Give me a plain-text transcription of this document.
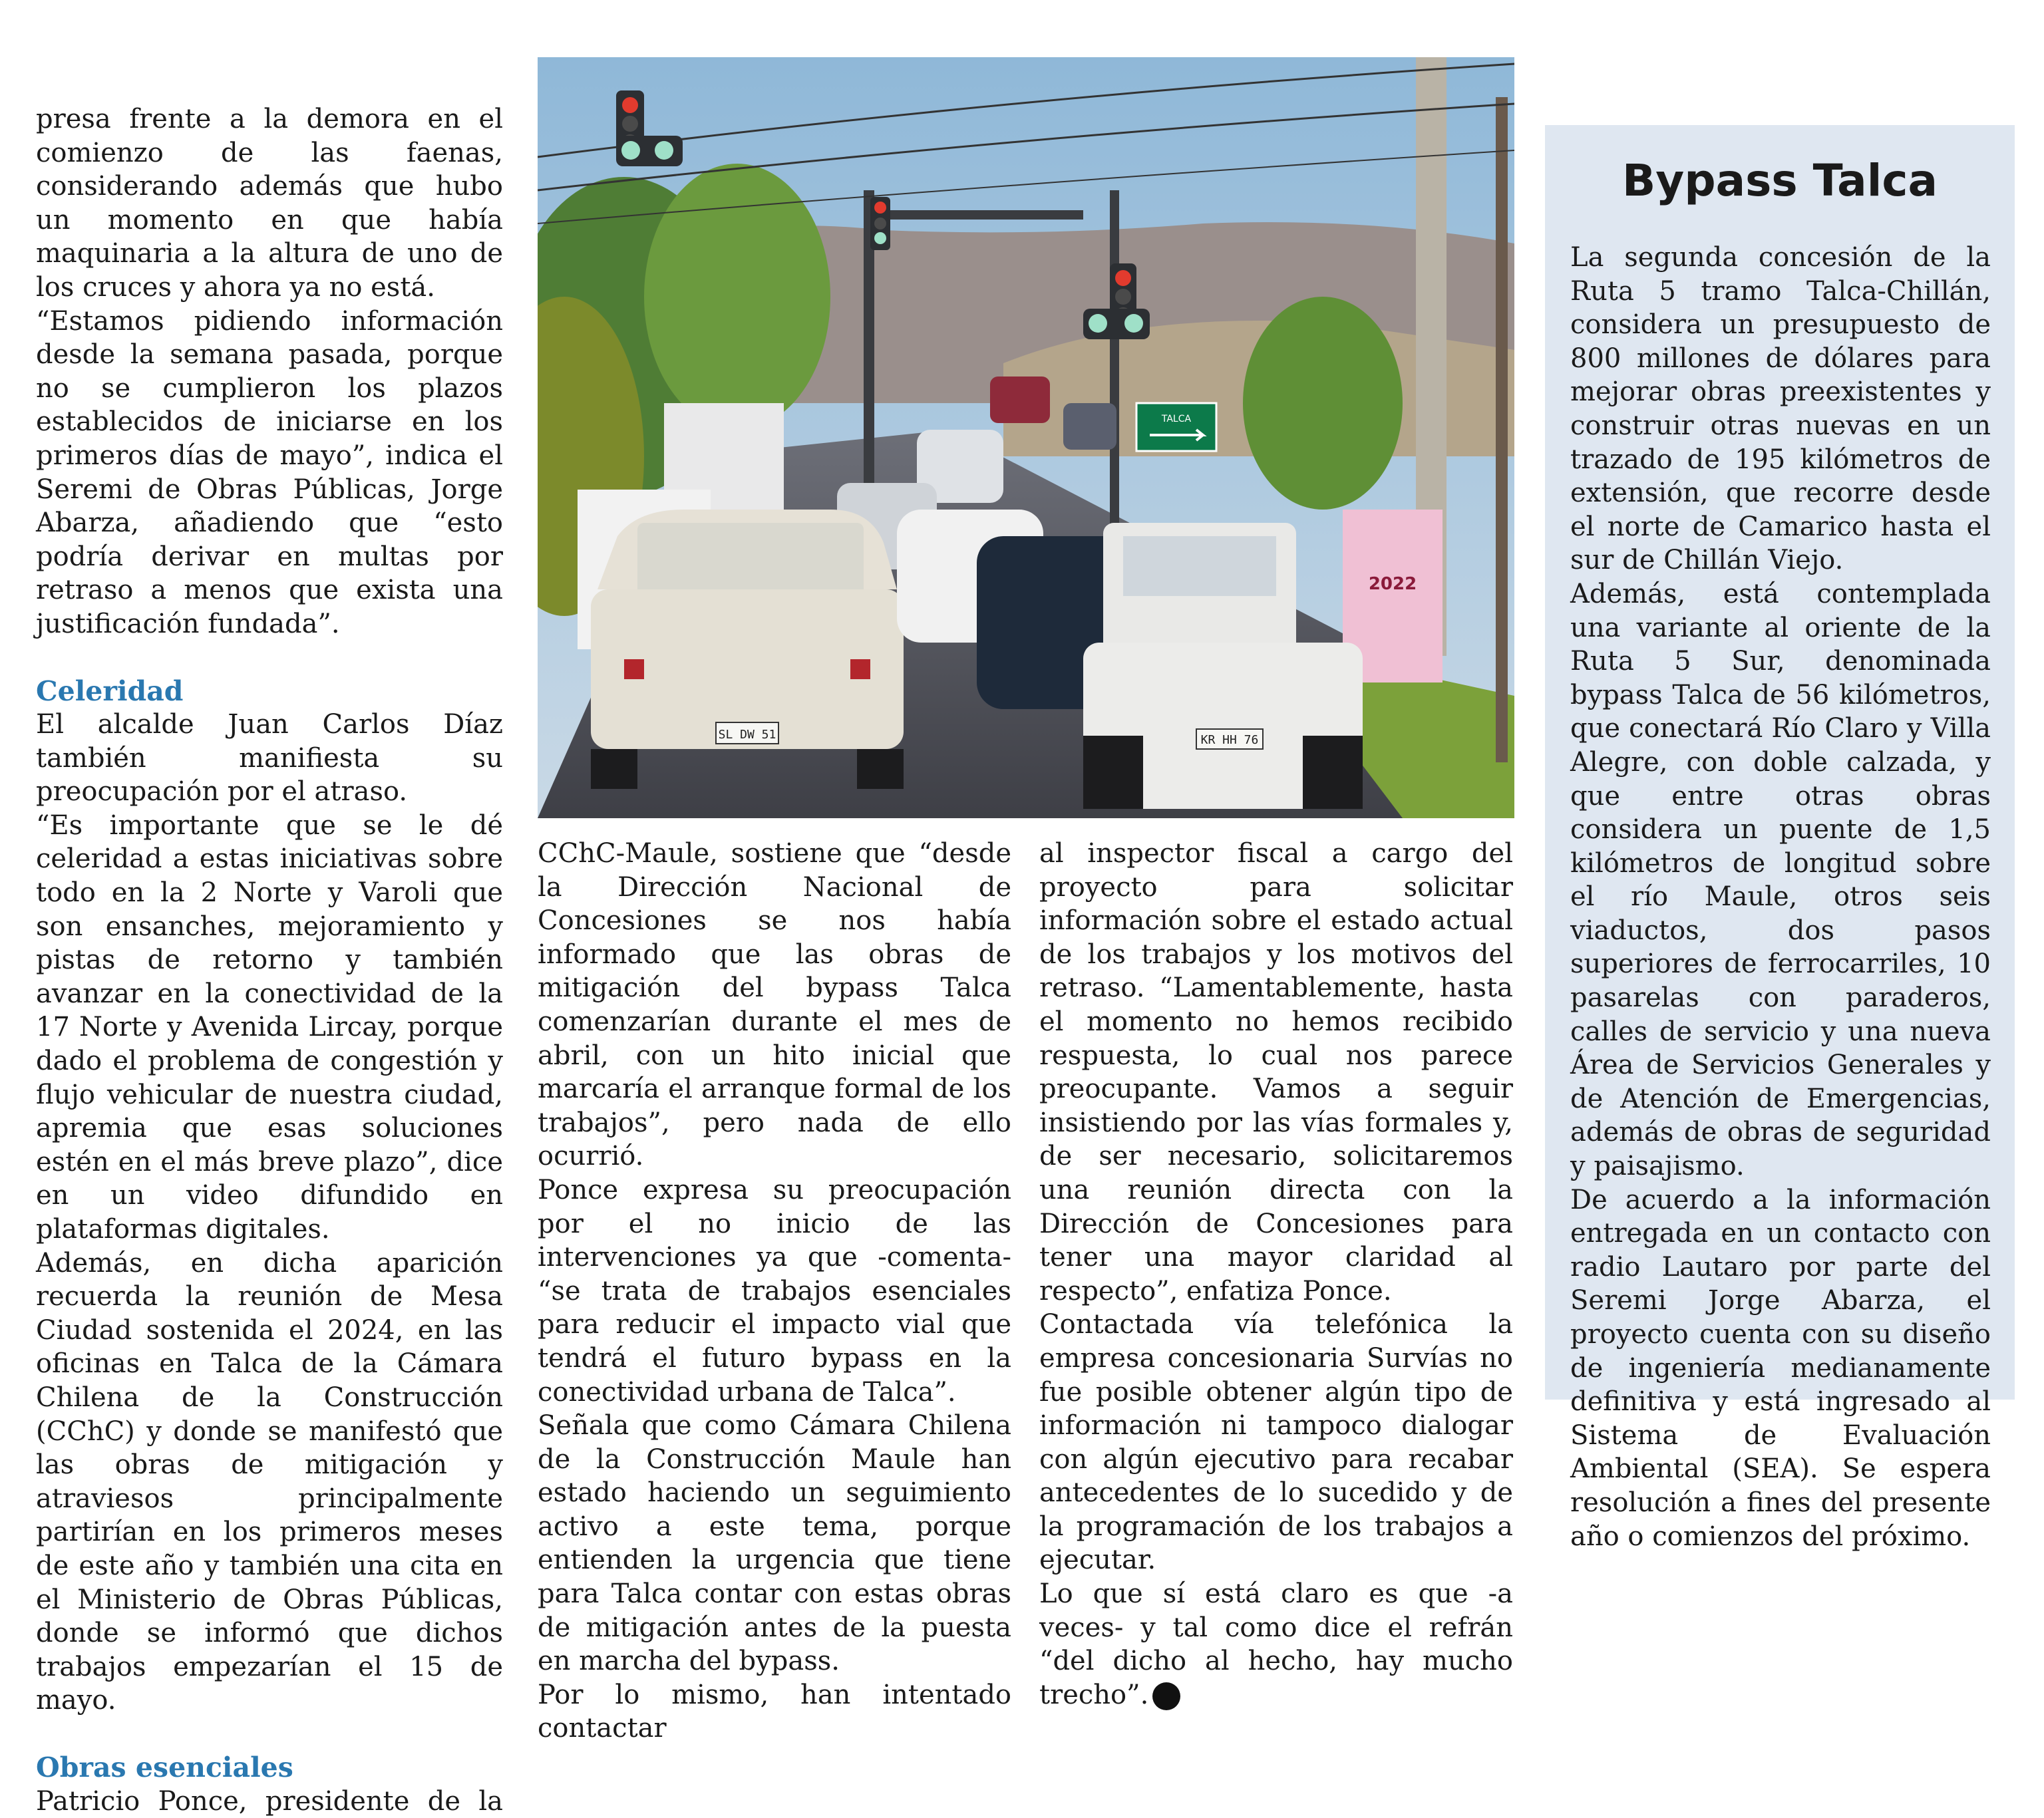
presa frente a la demora en el comienzo de las faenas, considerando además que hubo un momento en que había maquinaria a la altura de uno de los cruces y ahora ya no está.

“Estamos pidiendo información desde la semana pasada, porque no se cumplieron los plazos establecidos de iniciarse en los primeros días de mayo”, indica el Seremi de Obras Públicas, Jorge Abarza, añadiendo que “esto podría derivar en multas por retraso a menos que exista una justificación fundada”.

Celeridad

El alcalde Juan Carlos Díaz también manifiesta su preocupación por el atraso.

“Es importante que se le dé celeridad a estas iniciativas sobre todo en la 2 Norte y Varoli que son ensanches, mejoramiento y pistas de retorno y también avanzar en la conectividad de la 17 Norte y Avenida Lircay, porque dado el problema de congestión y flujo vehicular de nuestra ciudad, apremia que esas soluciones estén en el más breve plazo”, dice en un video difundido en plataformas digitales.

Además, en dicha aparición recuerda la reunión de Mesa Ciudad sostenida el 2024, en las oficinas en Talca de la Cámara Chilena de la Construcción (CChC) y donde se manifestó que las obras de mitigación y atraviesos principalmente partirían en los primeros meses de este año y también una cita en el Ministerio de Obras Públicas, donde se informó que dichos trabajos empezarían el 15 de mayo.

Obras esenciales

Patricio Ponce, presidente de la

TALCA
2022
SL DW 51	KR HH 76

CChC-Maule, sostiene que “desde la Dirección Nacional de Concesiones se nos había informado que las obras de mitigación del bypass Talca comenzarían durante el mes de abril, con un hito inicial que marcaría el arranque formal de los trabajos”, pero nada de ello ocurrió.

Ponce expresa su preocupación por el no inicio de las intervenciones ya que -comenta- “se trata de trabajos esenciales para reducir el impacto vial que tendrá el futuro bypass en la conectividad urbana de Talca”.

Señala que como Cámara Chilena de la Construcción Maule han estado haciendo un seguimiento activo a este tema, porque entienden la urgencia que tiene para Talca contar con estas obras de mitigación antes de la puesta en marcha del bypass.

Por lo mismo, han intentado contactar

al inspector fiscal a cargo del proyecto para solicitar información sobre el estado actual de los trabajos y los motivos del retraso. “Lamentablemente, hasta el momento no hemos recibido respuesta, lo cual nos parece preocupante. Vamos a seguir insistiendo por las vías formales y, de ser necesario, solicitaremos una reunión directa con la Dirección de Concesiones para tener una mayor claridad al respecto”, enfatiza Ponce.

Contactada vía telefónica la empresa concesionaria Survías no fue posible obtener algún tipo de información ni tampoco dialogar con algún ejecutivo para recabar antecedentes de lo sucedido y de la programación de los trabajos a ejecutar.

Lo que sí está claro es que -a veces- y tal como dice el refrán “del dicho al hecho, hay mucho trecho”.

Bypass Talca

La segunda concesión de la Ruta 5 tramo Talca-Chillán, considera un presupuesto de 800 millones de dólares para mejorar obras preexistentes y construir otras nuevas en un trazado de 195 kilómetros de extensión, que recorre desde el norte de Camarico hasta el sur de Chillán Viejo.

Además, está contemplada una variante al oriente de la Ruta 5 Sur, denominada bypass Talca de 56 kilómetros, que conectará Río Claro y Villa Alegre, con doble calzada, y que entre otras obras considera un puente de 1,5 kilómetros de longitud sobre el río Maule, otros seis viaductos, dos pasos superiores de ferrocarriles, 10 pasarelas con paraderos, calles de servicio y una nueva Área de Servicios Generales y de Atención de Emergencias, además de obras de seguridad y paisajismo.

De acuerdo a la información entregada en un contacto con radio Lautaro por parte del Seremi Jorge Abarza, el proyecto cuenta con su diseño de ingeniería medianamente definitiva y está ingresado al Sistema de Evaluación Ambiental (SEA). Se espera resolución a fines del presente año o comienzos del próximo.
